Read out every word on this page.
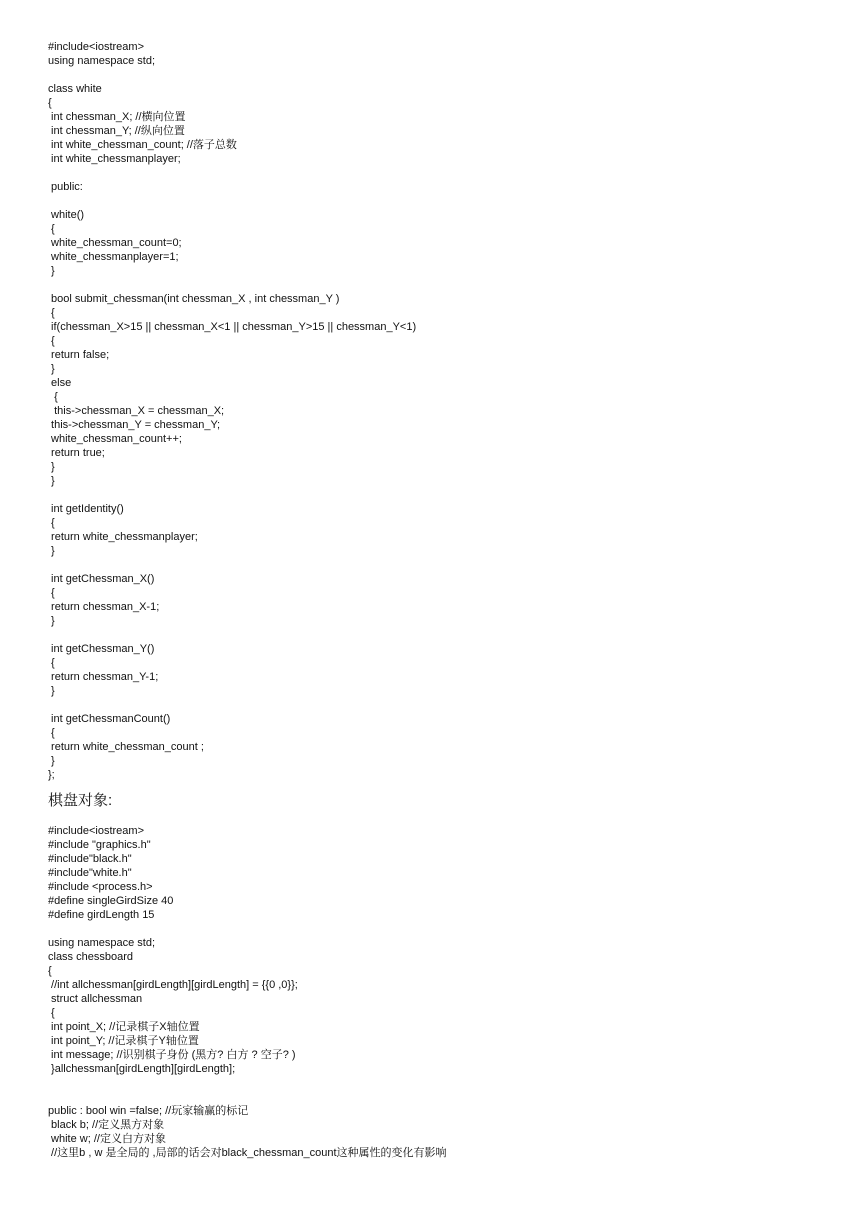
#include<iostream>
using namespace std;
class white
{
int chessman_X; //横向位置
int chessman_Y; //纵向位置
int white_chessman_count; //落子总数
int white_chessmanplayer;
public:
white()
{
white_chessman_count=0;
white_chessmanplayer=1;
}
bool submit_chessman(int chessman_X , int chessman_Y )
{
if(chessman_X>15 || chessman_X<1 || chessman_Y>15 || chessman_Y<1)
{
return false;
}
else
{
this->chessman_X = chessman_X;
this->chessman_Y = chessman_Y;
white_chessman_count++;
return true;
}
}
int getIdentity()
{
return white_chessmanplayer;
}
int getChessman_X()
{
return chessman_X-1;
}
int getChessman_Y()
{
return chessman_Y-1;
}
int getChessmanCount()
{
return white_chessman_count ;
}
};
棋盘对象:
#include<iostream>
#include "graphics.h"
#include"black.h"
#include"white.h"
#include <process.h>
#define singleGirdSize 40
#define girdLength 15
using namespace std;
class chessboard
{
//int allchessman[girdLength][girdLength] = {{0 ,0}};
struct allchessman
{
int point_X; //记录棋子X轴位置
int point_Y; //记录棋子Y轴位置
int message; //识别棋子身份 (黑方? 白方 ? 空子? )
}allchessman[girdLength][girdLength];
public : bool win =false; //玩家输赢的标记
black b; //定义黑方对象
white w; //定义白方对象
//这里b , w 是全局的 ,局部的话会对black_chessman_count这种属性的变化有影响
